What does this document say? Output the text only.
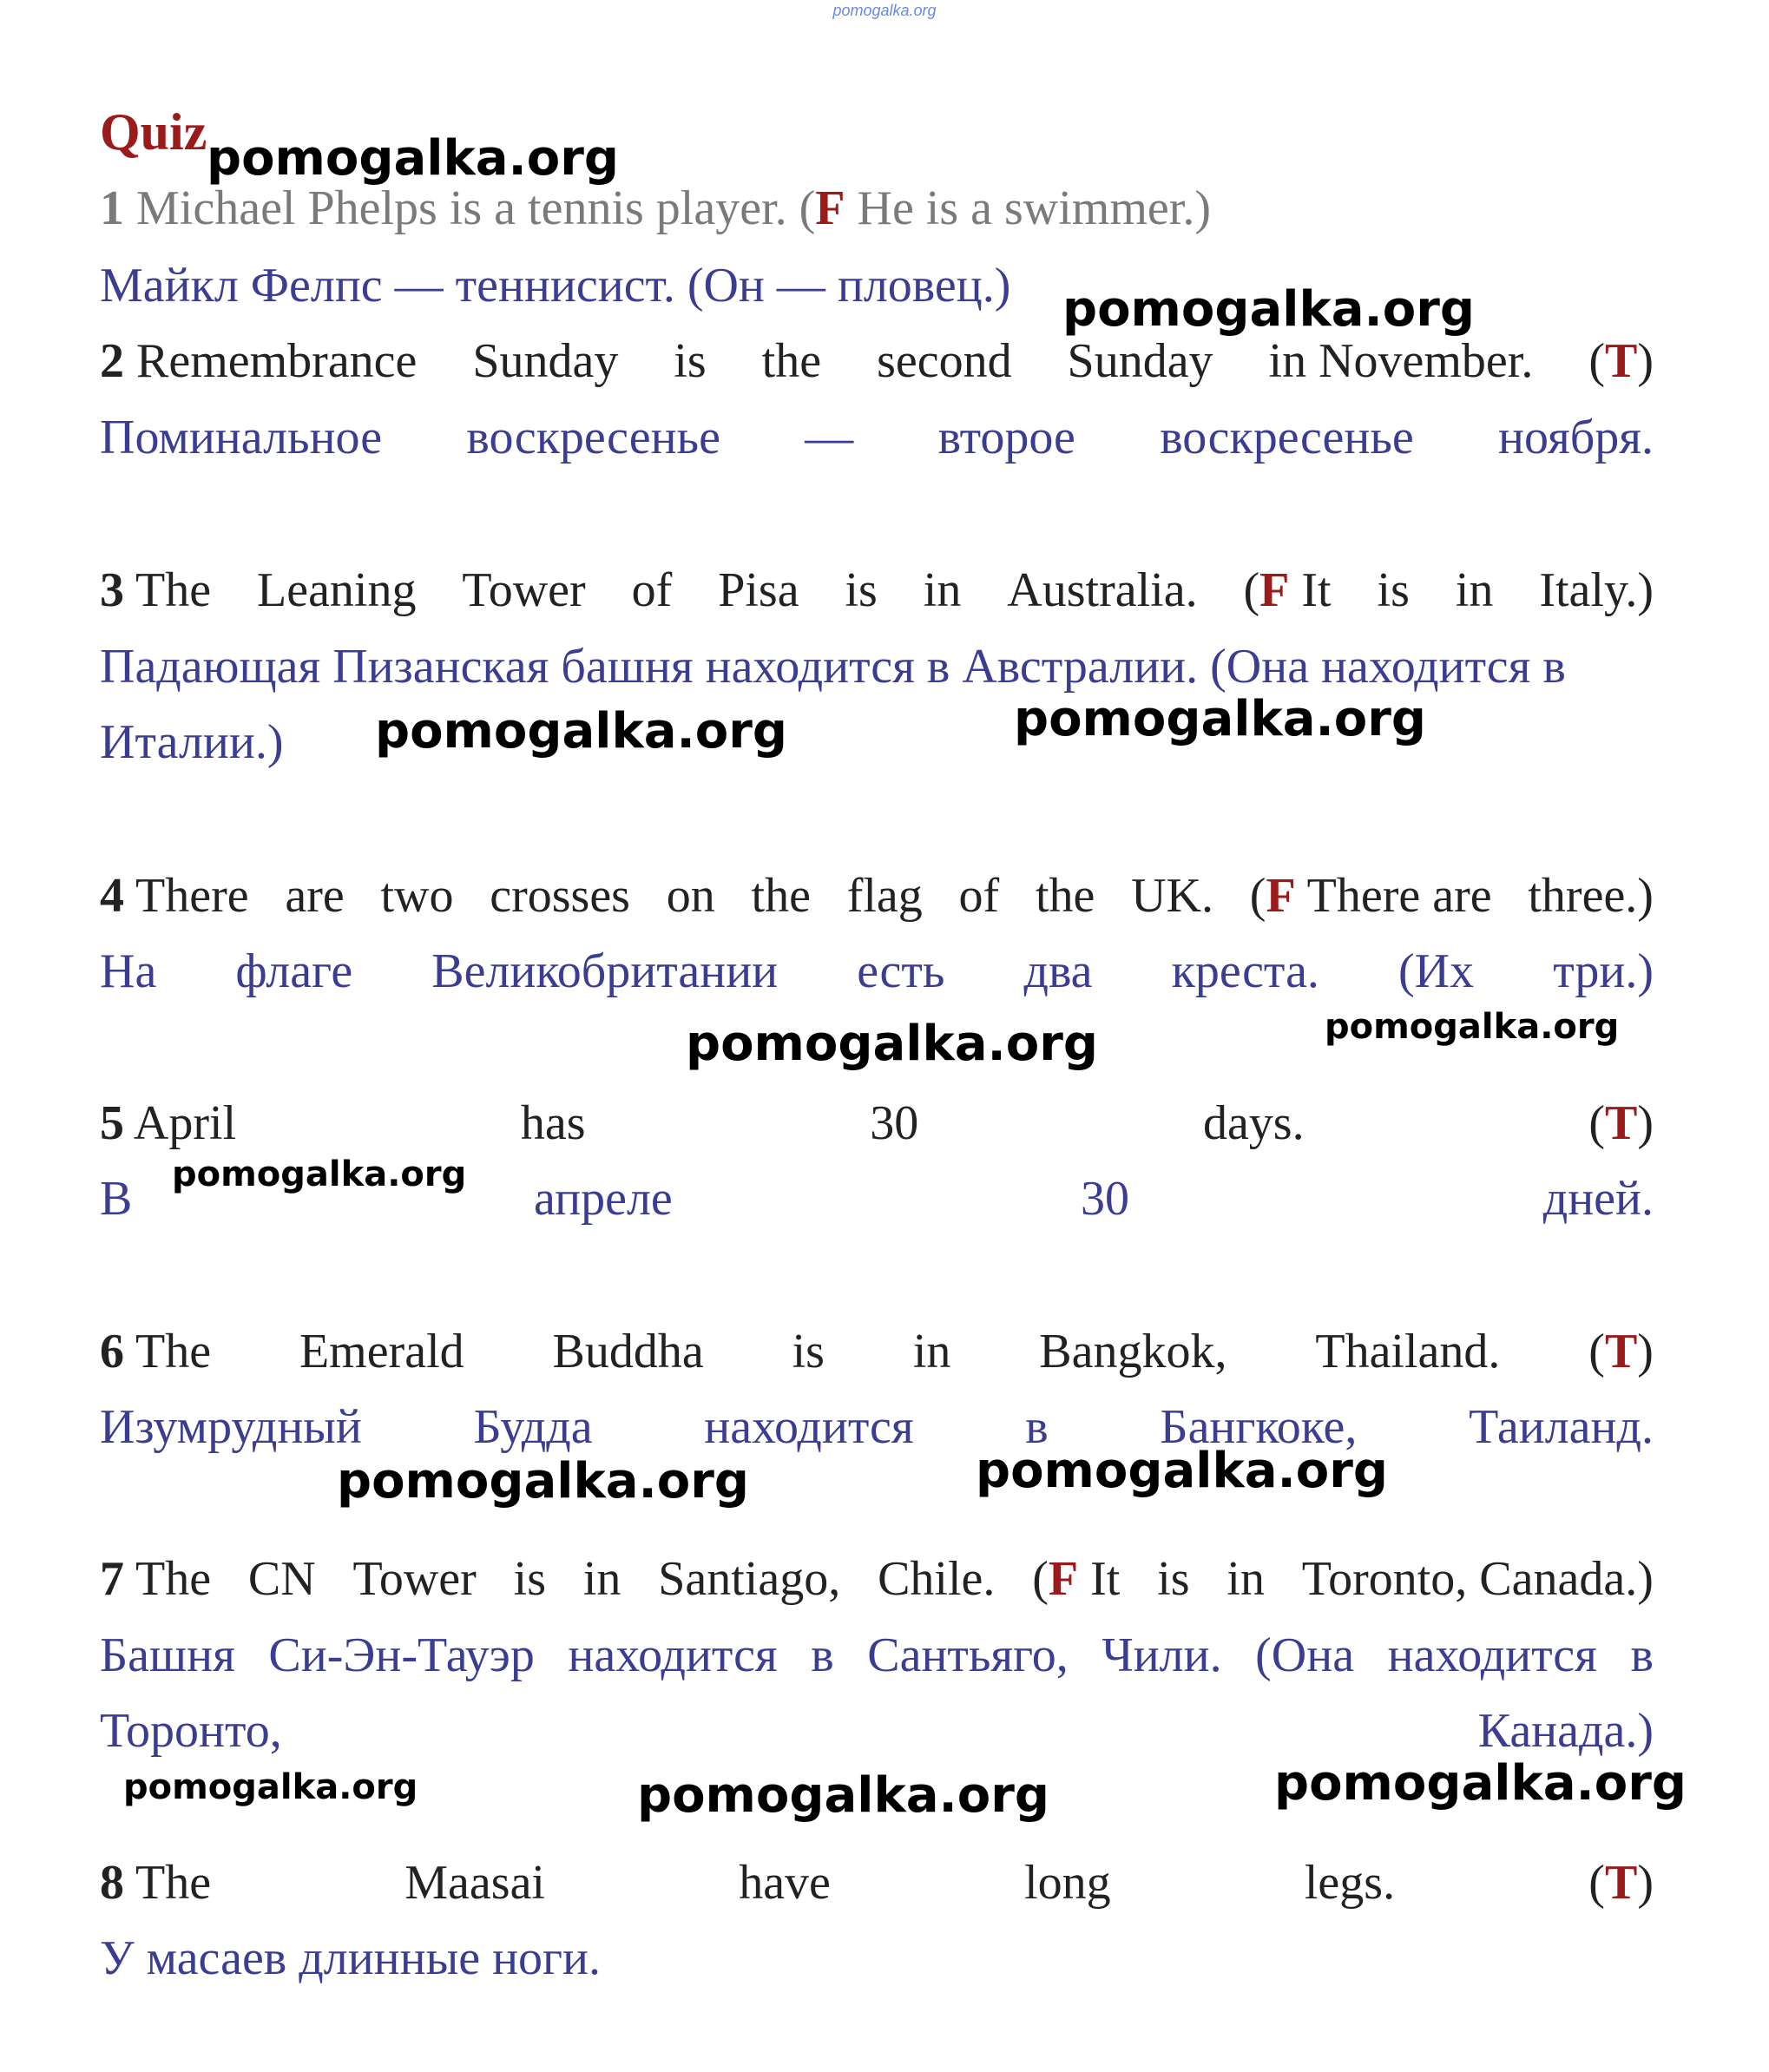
pomogalka.org
Quiz
1 Michael Phelps is a tennis player. (F He is a swimmer.)
Майкл Фелпс — теннисист. (Он — пловец.)
2 Remembrance Sunday is the second Sunday in November. (T)
Поминальное воскресенье — второе воскресенье ноября.
3 The Leaning Tower of Pisa is in Australia. (F It is in Italy.)
Падающая Пизанская башня находится в Австралии. (Она находится в
Италии.)
4 There are two crosses on the flag of the UK. (F There are three.)
На флаге Великобритании есть два креста. (Их три.)
5 April	has	30	days.	(T)
В	апреле	30	дней.
6 The Emerald Buddha is in Bangkok, Thailand. (T)
Изумрудный Будда находится в Бангкоке, Таиланд.
7 The CN Tower is in Santiago, Chile. (F It is in Toronto, Canada.)
Башня Си-Эн-Тауэр находится в Сантьяго, Чили. (Она находится в
Торонто,	Канада.)
8 The	Maasai	have	long	legs.	(T)
У масаев длинные ноги.
pomogalka.org
pomogalka.org
pomogalka.org	pomogalka.org
pomogalka.org	pomogalka.org
pomogalka.org
pomogalka.org	pomogalka.org
pomogalka.org	pomogalka.org	pomogalka.org
